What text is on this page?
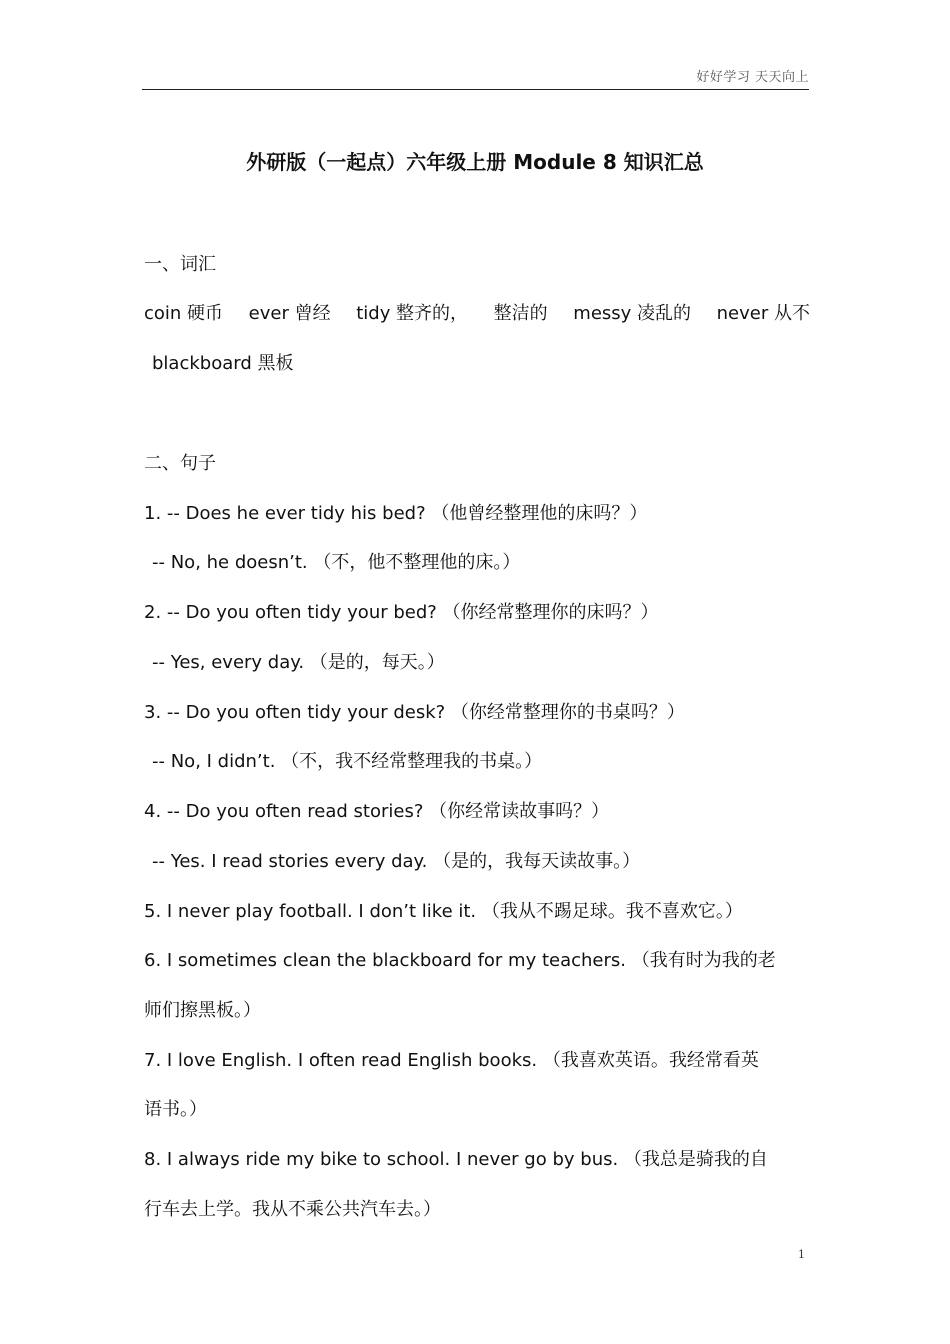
好好学习 天天向上
外研版（一起点）六年级上册 Module 8 知识汇总
一、词汇
coin 硬币 ever 曾经 tidy 整齐的， 整洁的 messy 凌乱的 never 从不
blackboard 黑板
二、句子
1. -- Does he ever tidy his bed? （他曾经整理他的床吗？）
-- No, he doesn’t. （不，他不整理他的床。）
2. -- Do you often tidy your bed? （你经常整理你的床吗？）
-- Yes, every day. （是的，每天。）
3. -- Do you often tidy your desk? （你经常整理你的书桌吗？）
-- No, I didn’t. （不，我不经常整理我的书桌。）
4. -- Do you often read stories? （你经常读故事吗？）
-- Yes. I read stories every day. （是的，我每天读故事。）
5. I never play football. I don’t like it. （我从不踢足球。我不喜欢它。）
6. I sometimes clean the blackboard for my teachers. （我有时为我的老
师们擦黑板。）
7. I love English. I often read English books. （我喜欢英语。我经常看英
语书。）
8. I always ride my bike to school. I never go by bus. （我总是骑我的自
行车去上学。我从不乘公共汽车去。）
1
